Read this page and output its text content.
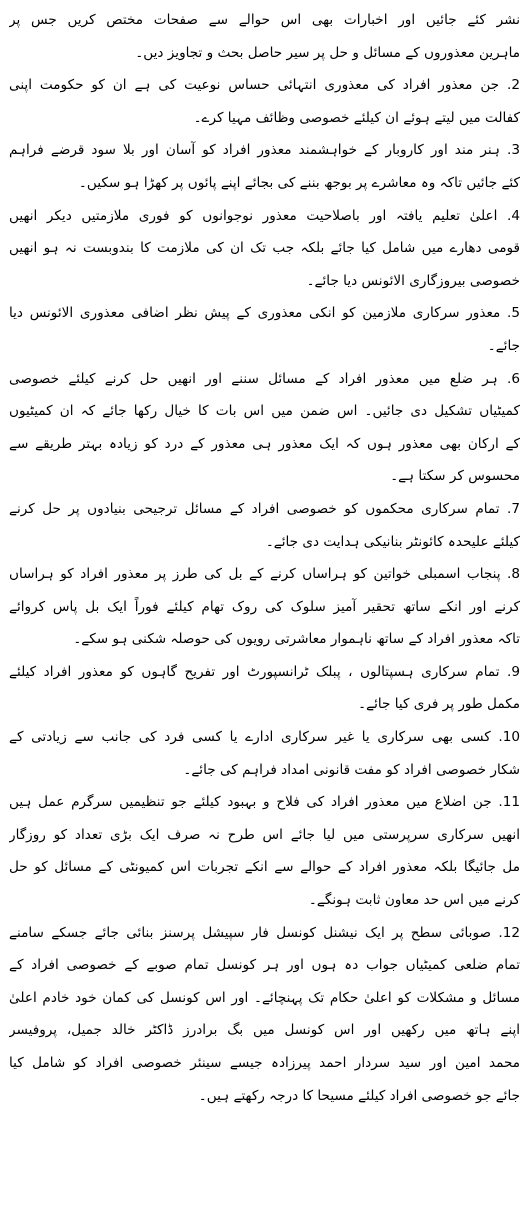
نشر کئے جائیں اور اخبارات بھی اس حوالے سے صفحات مختص کریں جس پر
ماہرین معذوروں کے مسائل و حل پر سیر حاصل بحث و تجاویز دیں۔
2. جن معذور افراد کی معذوری انتہائی حساس نوعیت کی ہے ان کو حکومت اپنی
کفالت میں لیتے ہوئے ان کیلئے خصوصی وظائف مہیا کرے۔
3. ہنر مند اور کاروبار کے خواہشمند معذور افراد کو آسان اور بلا سود قرضے فراہم
کئے جائیں تاکہ وہ معاشرے پر بوجھ بننے کی بجائے اپنے پائوں پر کھڑا ہو سکیں۔
4. اعلیٰ تعلیم یافتہ اور باصلاحیت معذور نوجوانوں کو فوری ملازمتیں دیکر انھیں
قومی دھارے میں شامل کیا جائے بلکہ جب تک ان کی ملازمت کا بندوبست نہ ہو انھیں
خصوصی بیروزگاری الائونس دیا جائے۔
5. معذور سرکاری ملازمین کو انکی معذوری کے پیش نظر اضافی معذوری الائونس دیا
جائے۔
6. ہر ضلع میں معذور افراد کے مسائل سننے اور انھیں حل کرنے کیلئے خصوصی
کمیٹیاں تشکیل دی جائیں۔ اس ضمن میں اس بات کا خیال رکھا جائے کہ ان کمیٹیوں
کے ارکان بھی معذور ہوں کہ ایک معذور ہی معذور کے درد کو زیادہ بہتر طریقے سے
محسوس کر سکتا ہے۔
7. تمام سرکاری محکموں کو خصوصی افراد کے مسائل ترجیحی بنیادوں پر حل کرنے
کیلئے علیحدہ کائونٹر بنانیکی ہدایت دی جائے۔
8. پنجاب اسمبلی خواتین کو ہراساں کرنے کے بل کی طرز پر معذور افراد کو ہراساں
کرنے اور انکے ساتھ تحقیر آمیز سلوک کی روک تھام کیلئے فوراً ایک بل پاس کروائے
تاکہ معذور افراد کے ساتھ ناہموار معاشرتی رویوں کی حوصلہ شکنی ہو سکے۔
9. تمام سرکاری ہسپتالوں ، پبلک ٹرانسپورٹ اور تفریح گاہوں کو معذور افراد کیلئے
مکمل طور پر فری کیا جائے۔
10. کسی بھی سرکاری یا غیر سرکاری ادارے یا کسی فرد کی جانب سے زیادتی کے
شکار خصوصی افراد کو مفت قانونی امداد فراہم کی جائے۔
11. جن اضلاع میں معذور افراد کی فلاح و بہبود کیلئے جو تنظیمیں سرگرم عمل ہیں
انھیں سرکاری سرپرستی میں لیا جائے اس طرح نہ صرف ایک بڑی تعداد کو روزگار
مل جائیگا بلکہ معذور افراد کے حوالے سے انکے تجربات اس کمیونٹی کے مسائل کو حل
کرنے میں اس حد معاون ثابت ہونگے۔
12. صوبائی سطح پر ایک نیشنل کونسل فار سپیشل پرسنز بنائی جائے جسکے سامنے
تمام ضلعی کمیٹیاں جواب دہ ہوں اور ہر کونسل تمام صوبے کے خصوصی افراد کے
مسائل و مشکلات کو اعلیٰ حکام تک پہنچائے۔ اور اس کونسل کی کمان خود خادم اعلیٰ
اپنے ہاتھ میں رکھیں اور اس کونسل میں بگ برادرز ڈاکٹر خالد جمیل، پروفیسر
محمد امین اور سید سردار احمد پیرزادہ جیسے سینئر خصوصی افراد کو شامل کیا
جائے جو خصوصی افراد کیلئے مسیحا کا درجہ رکھتے ہیں۔
